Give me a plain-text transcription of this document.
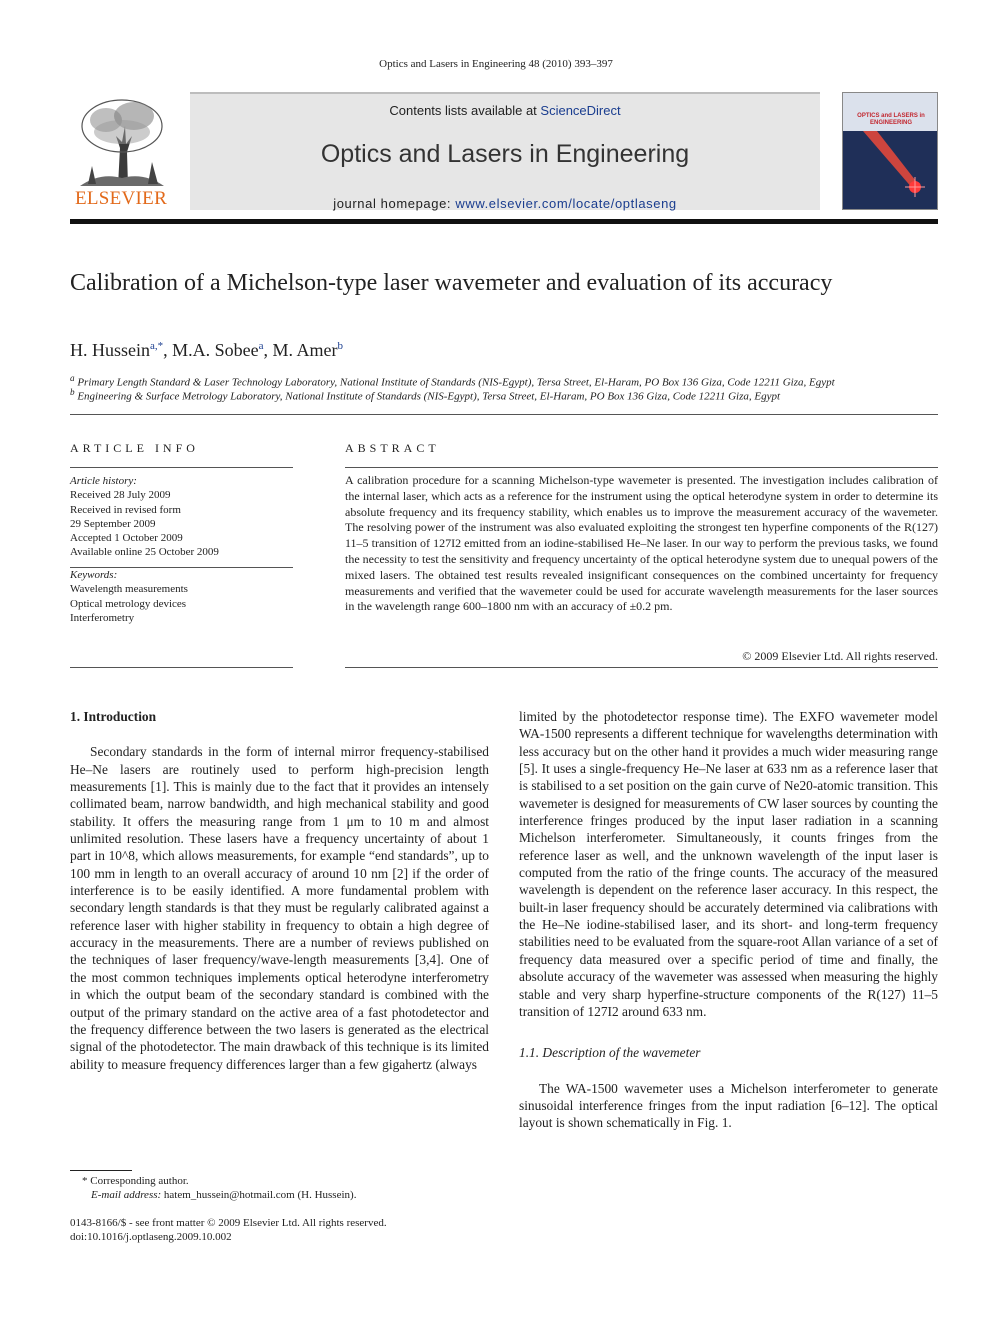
Optics and Lasers in Engineering 48 (2010) 393–397
ELSEVIER
Contents lists available at ScienceDirect
Optics and Lasers in Engineering
journal homepage: www.elsevier.com/locate/optlaseng
OPTICS and LASERS in ENGINEERING
Calibration of a Michelson-type laser wavemeter and evaluation of its accuracy
H. Hussein$^{a,*}$, M.A. Sobee$^a$, M. Amer$^b$
$^a$ Primary Length Standard & Laser Technology Laboratory, National Institute of Standards (NIS-Egypt), Tersa Street, El-Haram, PO Box 136 Giza, Code 12211 Giza, Egypt
$^b$ Engineering & Surface Metrology Laboratory, National Institute of Standards (NIS-Egypt), Tersa Street, El-Haram, PO Box 136 Giza, Code 12211 Giza, Egypt
ARTICLE INFO
Article history:
Received 28 July 2009
Received in revised form
29 September 2009
Accepted 1 October 2009
Available online 25 October 2009
Keywords:
Wavelength measurements
Optical metrology devices
Interferometry
ABSTRACT
A calibration procedure for a scanning Michelson-type wavemeter is presented. The investigation includes calibration of the internal laser, which acts as a reference for the instrument using the optical heterodyne system in order to determine its absolute frequency and its frequency stability, which enables us to improve the measurement accuracy of the wavemeter. The resolving power of the instrument was also evaluated exploiting the strongest ten hyperfine components of the R(127) 11–5 transition of 127I2 emitted from an iodine-stabilised He–Ne laser. In our way to perform the previous tasks, we found the necessity to test the sensitivity and frequency uncertainty of the optical heterodyne system due to unequal powers of the mixed lasers. The obtained test results revealed insignificant consequences on the combined uncertainty for frequency measurements and verified that the wavemeter could be used for accurate wavelength measurements for the laser sources in the wavelength range 600–1800 nm with an accuracy of ±0.2 pm.
© 2009 Elsevier Ltd. All rights reserved.
1. Introduction
Secondary standards in the form of internal mirror frequency-stabilised He–Ne lasers are routinely used to perform high-precision length measurements [1]. This is mainly due to the fact that it provides an intensely collimated beam, narrow bandwidth, and high mechanical stability and good stability. It offers the measuring range from 1 μm to 10 m and almost unlimited resolution. These lasers have a frequency uncertainty of about 1 part in 10^8, which allows measurements, for example “end standards”, up to 100 mm in length to an overall accuracy of around 10 nm [2] if the order of interference is to be easily identified. A more fundamental problem with secondary length standards is that they must be regularly calibrated against a reference laser with higher stability in frequency to obtain a high degree of accuracy in the measurements. There are a number of reviews published on the techniques of laser frequency/wave-length measurements [3,4]. One of the most common techniques implements optical heterodyne interferometry in which the output beam of the secondary standard is combined with the output of the primary standard on the active area of a fast photodetector and the frequency difference between the two lasers is generated as the electrical signal of the photodetector. The main drawback of this technique is its limited ability to measure frequency differences larger than a few gigahertz (always
limited by the photodetector response time). The EXFO wavemeter model WA-1500 represents a different technique for wavelengths determination with less accuracy but on the other hand it provides a much wider measuring range [5]. It uses a single-frequency He–Ne laser at 633 nm as a reference laser that is stabilised to a set position on the gain curve of Ne20-atomic transition. This wavemeter is designed for measurements of CW laser sources by counting the interference fringes produced by the input laser radiation in a scanning Michelson interferometer. Simultaneously, it counts fringes from the reference laser as well, and the unknown wavelength of the input laser is computed from the ratio of the fringe counts. The accuracy of the measured wavelength is dependent on the reference laser accuracy. In this respect, the built-in laser frequency should be accurately determined via calibrations with the He–Ne iodine-stabilised laser, and its short- and long-term frequency stabilities need to be evaluated from the square-root Allan variance of a set of frequency data measured over a specific period of time and finally, the absolute accuracy of the wavemeter was assessed when measuring the highly stable and very sharp hyperfine-structure components of the R(127) 11–5 transition of 127I2 around 633 nm.
1.1. Description of the wavemeter
The WA-1500 wavemeter uses a Michelson interferometer to generate sinusoidal interference fringes from the input radiation [6–12]. The optical layout is shown schematically in Fig. 1.
* Corresponding author.
E-mail address: hatem_hussein@hotmail.com (H. Hussein).
0143-8166/$ - see front matter © 2009 Elsevier Ltd. All rights reserved.
doi:10.1016/j.optlaseng.2009.10.002
